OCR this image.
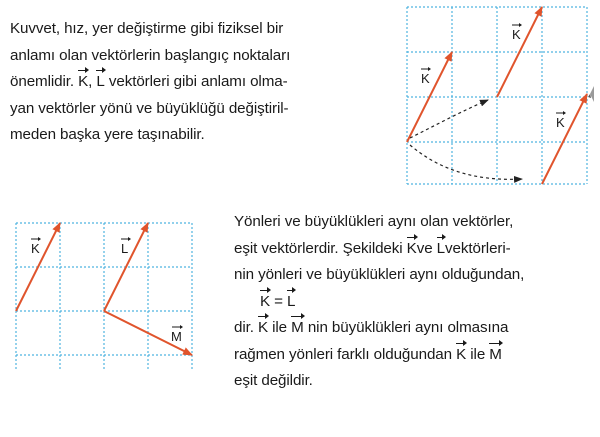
Kuvvet, hız, yer değiştirme gibi fiziksel bir
anlamı olan vektörlerin başlangıç noktaları
önemlidir. K, L vektörleri gibi anlamı olma-
yan vektörler yönü ve büyüklüğü değiştiril-
meden başka yere taşınabilir.

K
K
K
K	L
M

Yönleri ve büyüklükleri aynı olan vektörler,
eşit vektörlerdir. Şekildeki Kve Lvektörleri-
nin yönleri ve büyüklükleri aynı olduğundan,

K = L
dir. K ile M nin büyüklükleri aynı olmasına
rağmen yönleri farklı olduğundan K ile M
eşit değildir.
